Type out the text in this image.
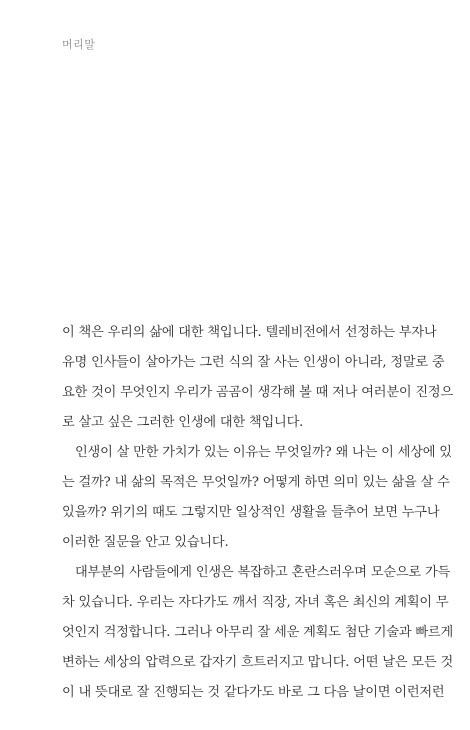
머리말
이 책은 우리의 삶에 대한 책입니다. 텔레비전에서 선정하는 부자나
유명 인사들이 살아가는 그런 식의 잘 사는 인생이 아니라, 정말로 중
요한 것이 무엇인지 우리가 곰곰이 생각해 볼 때 저나 여러분이 진정으
로 살고 싶은 그러한 인생에 대한 책입니다.
인생이 살 만한 가치가 있는 이유는 무엇일까? 왜 나는 이 세상에 있
는 걸까? 내 삶의 목적은 무엇일까? 어떻게 하면 의미 있는 삶을 살 수
있을까? 위기의 때도 그렇지만 일상적인 생활을 들추어 보면 누구나
이러한 질문을 안고 있습니다.
대부분의 사람들에게 인생은 복잡하고 혼란스러우며 모순으로 가득
차 있습니다. 우리는 자다가도 깨서 직장, 자녀 혹은 최신의 계획이 무
엇인지 걱정합니다. 그러나 아무리 잘 세운 계획도 첨단 기술과 빠르게
변하는 세상의 압력으로 갑자기 흐트러지고 맙니다. 어떤 날은 모든 것
이 내 뜻대로 잘 진행되는 것 같다가도 바로 그 다음 날이면 이런저런
